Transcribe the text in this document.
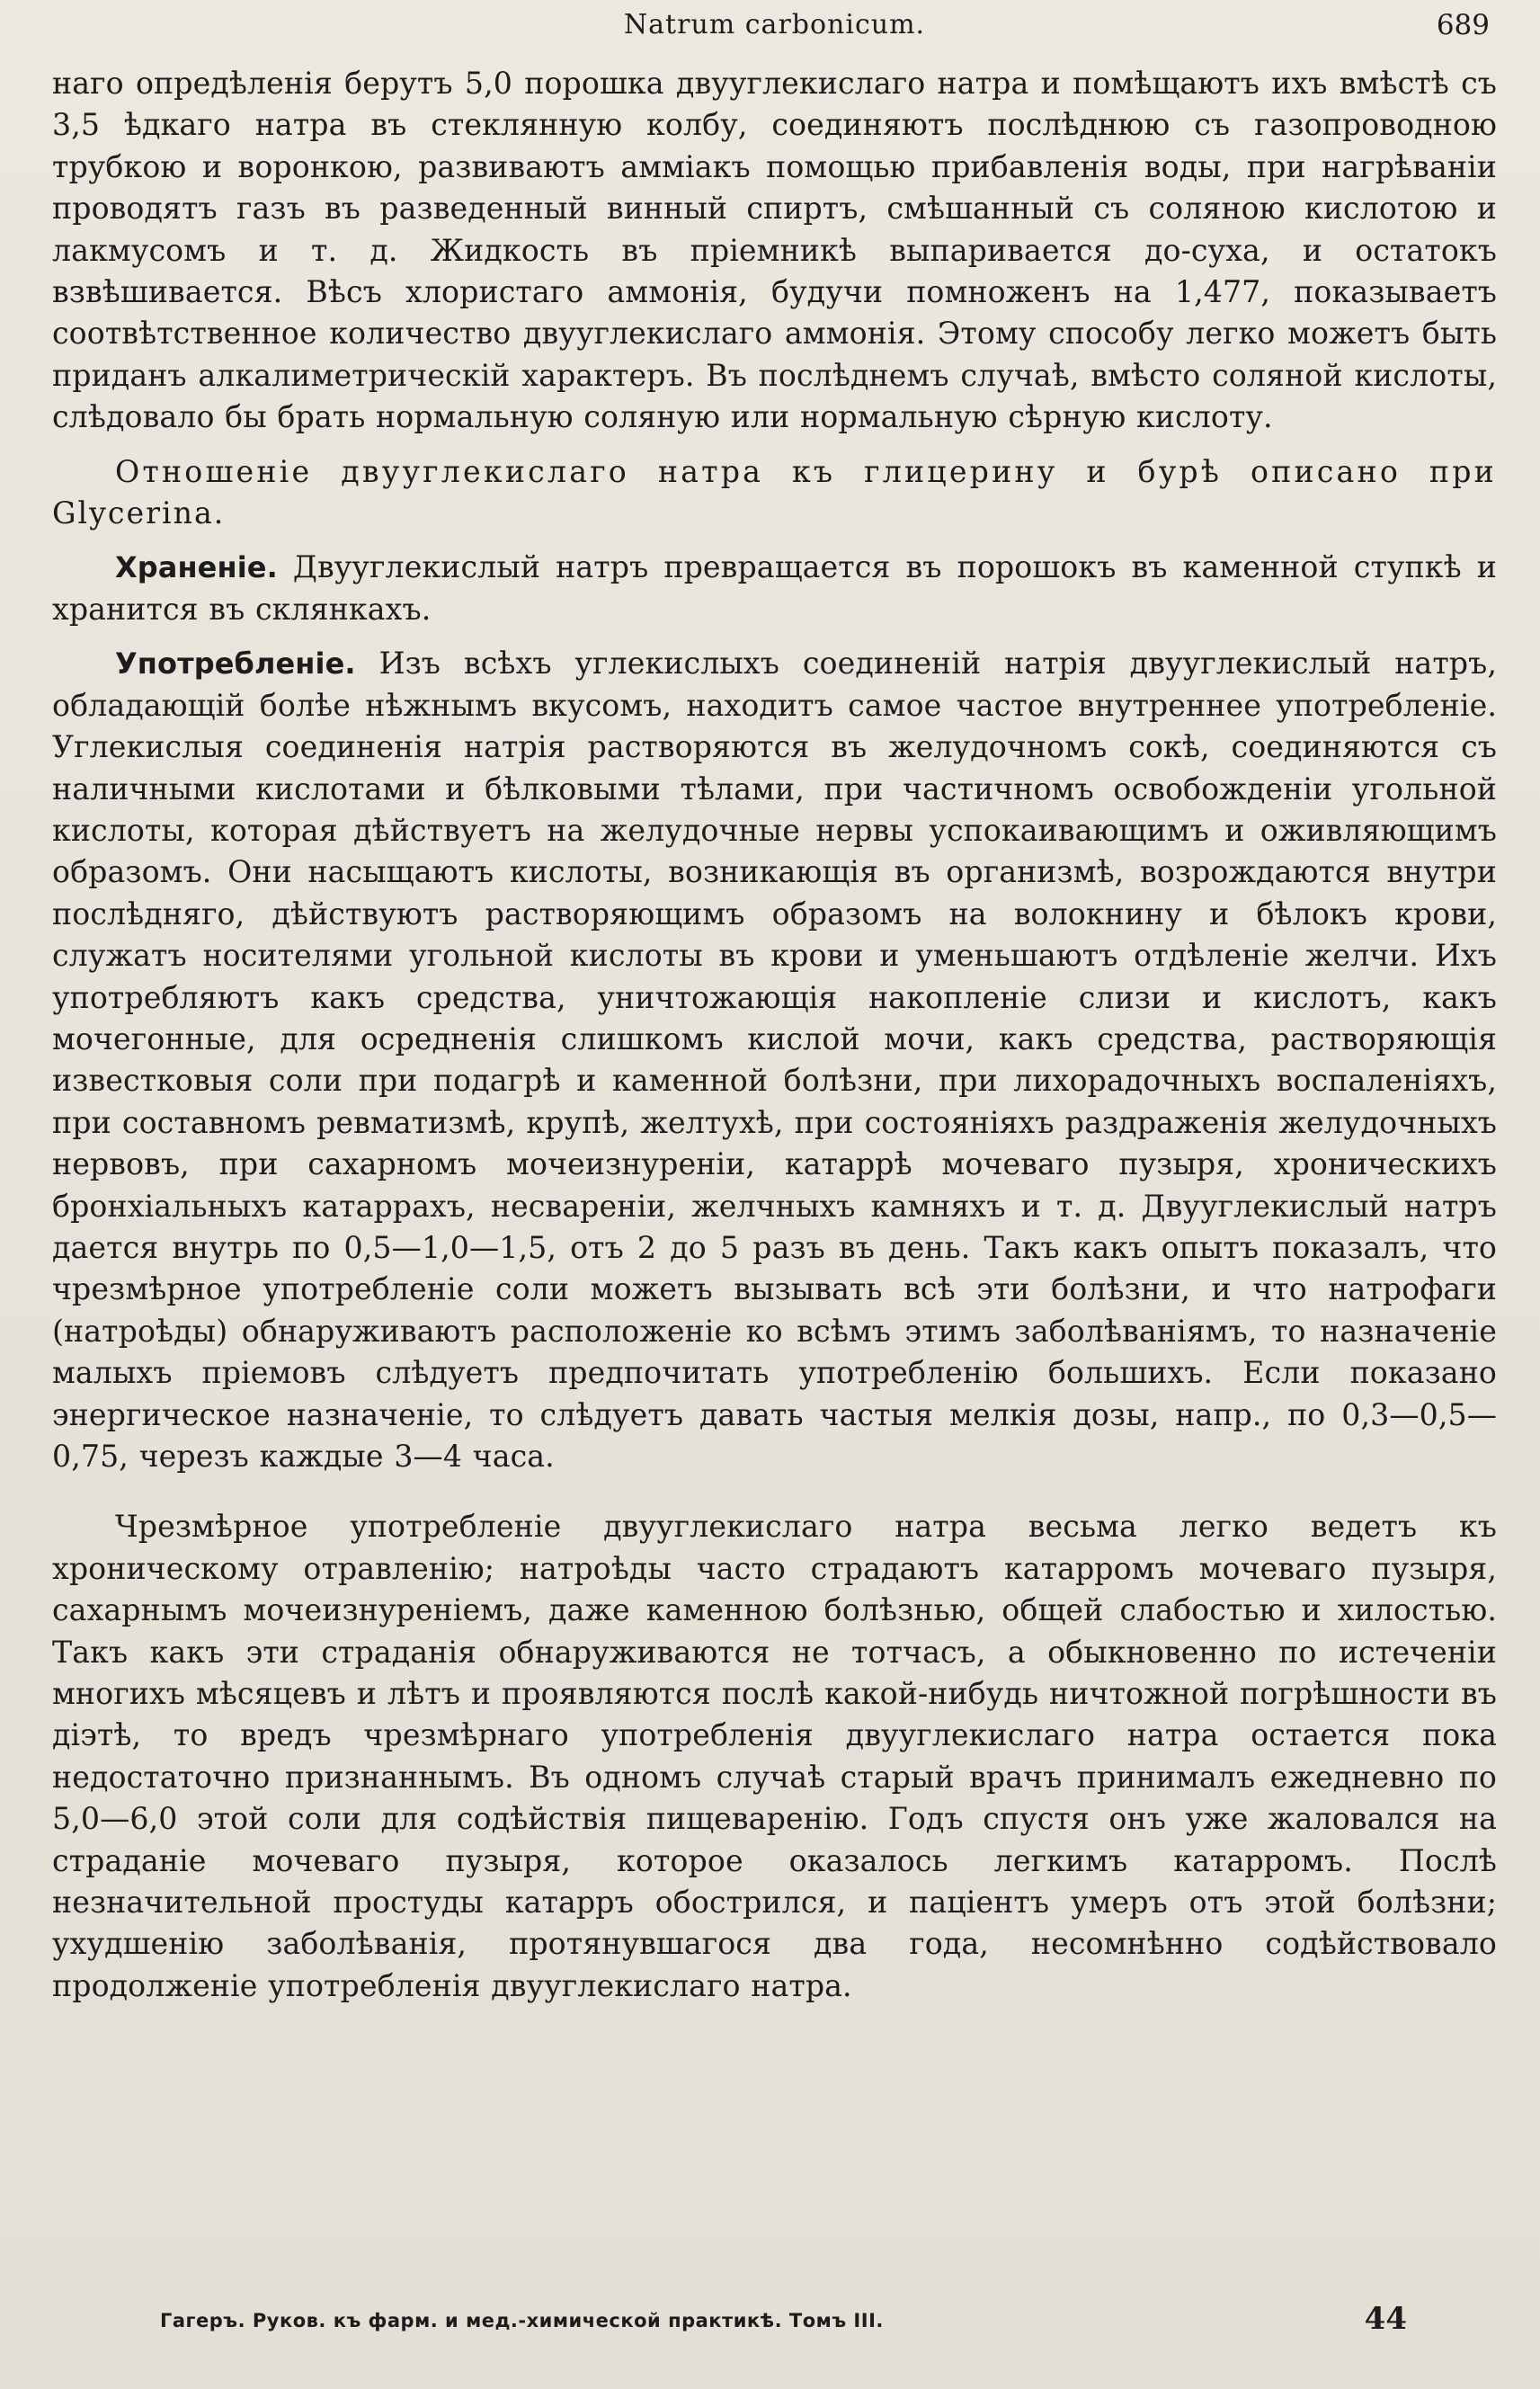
Natrum carbonicum.	689

наго опредѣленія берутъ 5,0 порошка двууглекислаго натра и помѣщаютъ ихъ вмѣстѣ съ 3,5 ѣдкаго натра въ стеклянную колбу, соединяютъ послѣднюю съ газопроводною трубкою и воронкою, развиваютъ амміакъ помощью прибавленія воды, при нагрѣваніи проводятъ газъ въ разведенный винный спиртъ, смѣшанный съ соляною кислотою и лакмусомъ и т. д. Жидкость въ пріемникѣ выпаривается до-суха, и остатокъ взвѣшивается. Вѣсъ хлористаго аммонія, будучи помноженъ на 1,477, показываетъ соотвѣтственное количество двууглекислаго аммонія. Этому способу легко можетъ быть приданъ алкалиметрическій характеръ. Въ послѣднемъ случаѣ, вмѣсто соляной кислоты, слѣдовало бы брать нормальную соляную или нормальную сѣрную кислоту.

Отношеніе двууглекислаго натра къ глицерину и бурѣ описано при Glycerina.

Храненіе. Двууглекислый натръ превращается въ порошокъ въ каменной ступкѣ и хранится въ склянкахъ.

Употребленіе. Изъ всѣхъ углекислыхъ соединеній натрія двууглекислый натръ, обладающій болѣе нѣжнымъ вкусомъ, находитъ самое частое внутреннее употребленіе. Углекислыя соединенія натрія растворяются въ желудочномъ сокѣ, соединяются съ наличными кислотами и бѣлковыми тѣлами, при частичномъ освобожденіи угольной кислоты, которая дѣйствуетъ на желудочные нервы успокаивающимъ и оживляющимъ образомъ. Они насыщаютъ кислоты, возникающія въ организмѣ, возрождаются внутри послѣдняго, дѣйствуютъ растворяющимъ образомъ на волокнину и бѣлокъ крови, служатъ носителями угольной кислоты въ крови и уменьшаютъ отдѣленіе желчи. Ихъ употребляютъ какъ средства, уничтожающія накопленіе слизи и кислотъ, какъ мочегонные, для осредненія слишкомъ кислой мочи, какъ средства, растворяющія известковыя соли при подагрѣ и каменной болѣзни, при лихорадочныхъ воспаленіяхъ, при составномъ ревматизмѣ, крупѣ, желтухѣ, при состояніяхъ раздраженія желудочныхъ нервовъ, при сахарномъ мочеизнуреніи, катаррѣ мочеваго пузыря, хроническихъ бронхіальныхъ катаррахъ, несвареніи, желчныхъ камняхъ и т. д. Двууглекислый натръ дается внутрь по 0,5—1,0—1,5, отъ 2 до 5 разъ въ день. Такъ какъ опытъ показалъ, что чрезмѣрное употребленіе соли можетъ вызывать всѣ эти болѣзни, и что натрофаги (натроѣды) обнаруживаютъ расположеніе ко всѣмъ этимъ заболѣваніямъ, то назначеніе малыхъ пріемовъ слѣдуетъ предпочитать употребленію большихъ. Если показано энергическое назначеніе, то слѣдуетъ давать частыя мелкія дозы, напр., по 0,3—0,5—0,75, черезъ каждые 3—4 часа.

Чрезмѣрное употребленіе двууглекислаго натра весьма легко ведетъ къ хроническому отравленію; натроѣды часто страдаютъ катарромъ мочеваго пузыря, сахарнымъ мочеизнуреніемъ, даже каменною болѣзнью, общей слабостью и хилостью. Такъ какъ эти страданія обнаруживаются не тотчасъ, а обыкновенно по истеченіи многихъ мѣсяцевъ и лѣтъ и проявляются послѣ какой-нибудь ничтожной погрѣшности въ діэтѣ, то вредъ чрезмѣрнаго употребленія двууглекислаго натра остается пока недостаточно признаннымъ. Въ одномъ случаѣ старый врачъ принималъ ежедневно по 5,0—6,0 этой соли для содѣйствія пищеваренію. Годъ спустя онъ уже жаловался на страданіе мочеваго пузыря, которое оказалось легкимъ катарромъ. Послѣ незначительной простуды катарръ обострился, и паціентъ умеръ отъ этой болѣзни; ухудшенію заболѣванія, протянувшагося два года, несомнѣнно содѣйствовало продолженіе употребленія двууглекислаго натра.

Гагеръ. Руков. къ фарм. и мед.-химической практикѣ. Томъ III.	44
